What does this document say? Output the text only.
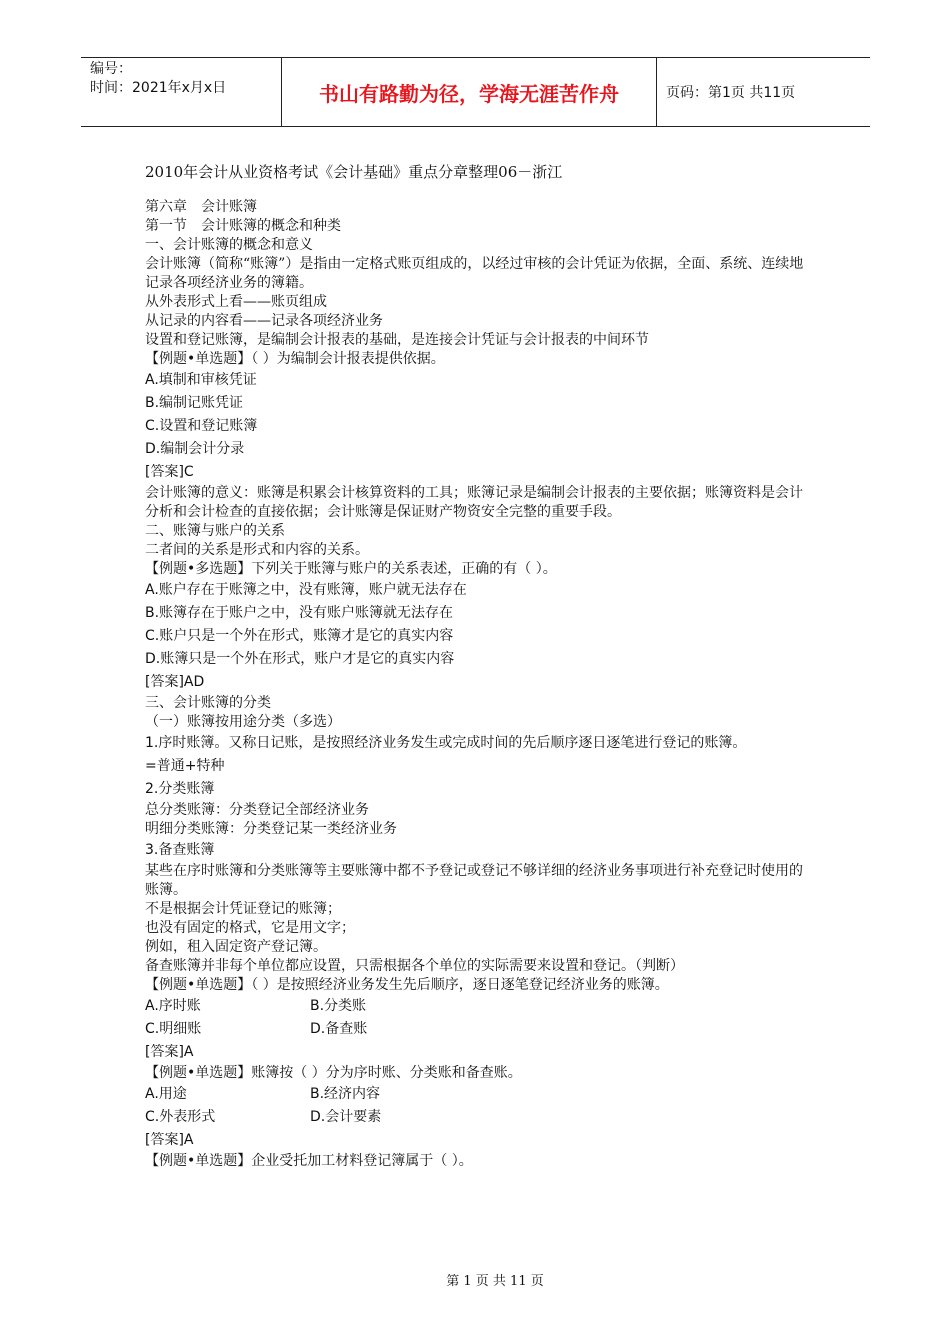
编号：
时间：2021年x月x日	书山有路勤为径，学海无涯苦作舟	页码：第1页 共11页
2010年会计从业资格考试《会计基础》重点分章整理06－浙江
第六章　会计账簿
第一节　会计账簿的概念和种类
一、会计账簿的概念和意义
会计账簿（简称“账簿”）是指由一定格式账页组成的，以经过审核的会计凭证为依据，全面、系统、连续地记录各项经济业务的簿籍。
从外表形式上看——账页组成
从记录的内容看——记录各项经济业务
设置和登记账簿，是编制会计报表的基础，是连接会计凭证与会计报表的中间环节
【例题•单选题】（ ）为编制会计报表提供依据。
A.填制和审核凭证
B.编制记账凭证
C.设置和登记账簿
D.编制会计分录
[答案]C
会计账簿的意义：账簿是积累会计核算资料的工具；账簿记录是编制会计报表的主要依据；账簿资料是会计分析和会计检查的直接依据；会计账簿是保证财产物资安全完整的重要手段。
二、账簿与账户的关系
二者间的关系是形式和内容的关系。
【例题•多选题】下列关于账簿与账户的关系表述，正确的有（ ）。
A.账户存在于账簿之中，没有账簿，账户就无法存在
B.账簿存在于账户之中，没有账户账簿就无法存在
C.账户只是一个外在形式，账簿才是它的真实内容
D.账簿只是一个外在形式，账户才是它的真实内容
[答案]AD
三、会计账簿的分类
（一）账簿按用途分类（多选）
1.序时账簿。又称日记账，是按照经济业务发生或完成时间的先后顺序逐日逐笔进行登记的账簿。
=普通+特种
2.分类账簿
总分类账簿：分类登记全部经济业务
明细分类账簿：分类登记某一类经济业务
3.备查账簿
某些在序时账簿和分类账簿等主要账簿中都不予登记或登记不够详细的经济业务事项进行补充登记时使用的账簿。
不是根据会计凭证登记的账簿；
也没有固定的格式，它是用文字；
例如，租入固定资产登记簿。
备查账簿并非每个单位都应设置，只需根据各个单位的实际需要来设置和登记。（判断）
【例题•单选题】（ ）是按照经济业务发生先后顺序，逐日逐笔登记经济业务的账簿。
A.序时账	B.分类账
C.明细账	D.备查账
[答案]A
【例题•单选题】账簿按（ ）分为序时账、分类账和备查账。
A.用途	B.经济内容
C.外表形式	D.会计要素
[答案]A
【例题•单选题】企业受托加工材料登记簿属于（ ）。
第 1 页 共 11 页
